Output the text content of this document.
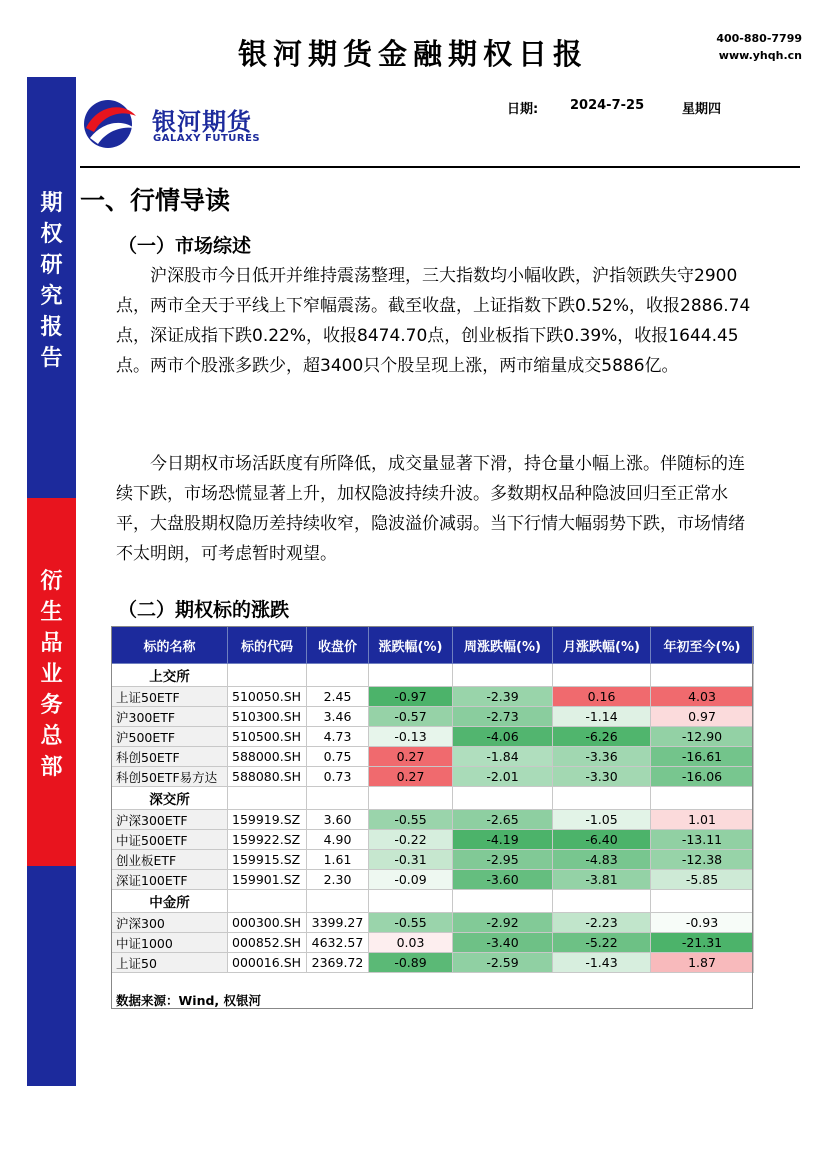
银河期货金融期权日报	400-880-7799
www.yhqh.cn
期
权
研
究
报
告
衍
生
品
业
务
总
部
银河期货
GALAXY FUTURES
日期: 2024-7-25	星期四
一、行情导读
（一）市场综述
沪深股市今日低开并维持震荡整理，三大指数均小幅收跌，沪指领跌失守2900点，两市全天于平线上下窄幅震荡。截至收盘，上证指数下跌0.52%，收报2886.74点，深证成指下跌0.22%，收报8474.70点，创业板指下跌0.39%，收报1644.45点。两市个股涨多跌少，超3400只个股呈现上涨，两市缩量成交5886亿。
今日期权市场活跃度有所降低，成交量显著下滑，持仓量小幅上涨。伴随标的连续下跌，市场恐慌显著上升，加权隐波持续升波。多数期权品种隐波回归至正常水平，大盘股期权隐历差持续收窄，隐波溢价减弱。当下行情大幅弱势下跌，市场情绪不太明朗，可考虑暂时观望。
（二）期权标的涨跌
标的名称	标的代码	收盘价	涨跌幅(%)	周涨跌幅(%)	月涨跌幅(%)	年初至今(%)
上交所						
上证50ETF	510050.SH	2.45	-0.97	-2.39	0.16	4.03
沪300ETF	510300.SH	3.46	-0.57	-2.73	-1.14	0.97
沪500ETF	510500.SH	4.73	-0.13	-4.06	-6.26	-12.90
科创50ETF	588000.SH	0.75	0.27	-1.84	-3.36	-16.61
科创50ETF易方达	588080.SH	0.73	0.27	-2.01	-3.30	-16.06
深交所						
沪深300ETF	159919.SZ	3.60	-0.55	-2.65	-1.05	1.01
中证500ETF	159922.SZ	4.90	-0.22	-4.19	-6.40	-13.11
创业板ETF	159915.SZ	1.61	-0.31	-2.95	-4.83	-12.38
深证100ETF	159901.SZ	2.30	-0.09	-3.60	-3.81	-5.85
中金所						
沪深300	000300.SH	3399.27	-0.55	-2.92	-2.23	-0.93
中证1000	000852.SH	4632.57	0.03	-3.40	-5.22	-21.31
上证50	000016.SH	2369.72	-0.89	-2.59	-1.43	1.87
数据来源：Wind, 权银河
